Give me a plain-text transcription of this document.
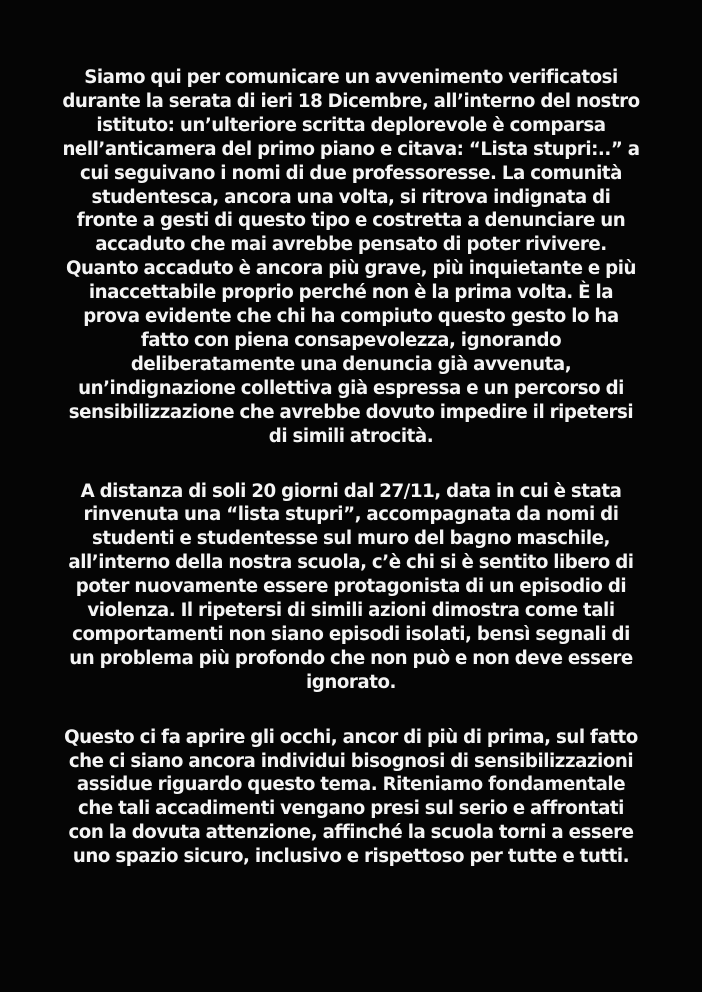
Siamo qui per comunicare un avvenimento verificatosi
durante la serata di ieri 18 Dicembre, all’interno del nostro
istituto: un’ulteriore scritta deplorevole è comparsa
nell’anticamera del primo piano e citava: “Lista stupri:..” a
cui seguivano i nomi di due professoresse. La comunità
studentesca, ancora una volta, si ritrova indignata di
fronte a gesti di questo tipo e costretta a denunciare un
accaduto che mai avrebbe pensato di poter rivivere.
Quanto accaduto è ancora più grave, più inquietante e più
inaccettabile proprio perché non è la prima volta. È la
prova evidente che chi ha compiuto questo gesto lo ha
fatto con piena consapevolezza, ignorando
deliberatamente una denuncia già avvenuta,
un’indignazione collettiva già espressa e un percorso di
sensibilizzazione che avrebbe dovuto impedire il ripetersi
di simili atrocità.

A distanza di soli 20 giorni dal 27/11, data in cui è stata
rinvenuta una “lista stupri”, accompagnata da nomi di
studenti e studentesse sul muro del bagno maschile,
all’interno della nostra scuola, c’è chi si è sentito libero di
poter nuovamente essere protagonista di un episodio di
violenza. Il ripetersi di simili azioni dimostra come tali
comportamenti non siano episodi isolati, bensì segnali di
un problema più profondo che non può e non deve essere
ignorato.

Questo ci fa aprire gli occhi, ancor di più di prima, sul fatto
che ci siano ancora individui bisognosi di sensibilizzazioni
assidue riguardo questo tema. Riteniamo fondamentale
che tali accadimenti vengano presi sul serio e affrontati
con la dovuta attenzione, affinché la scuola torni a essere
uno spazio sicuro, inclusivo e rispettoso per tutte e tutti.
